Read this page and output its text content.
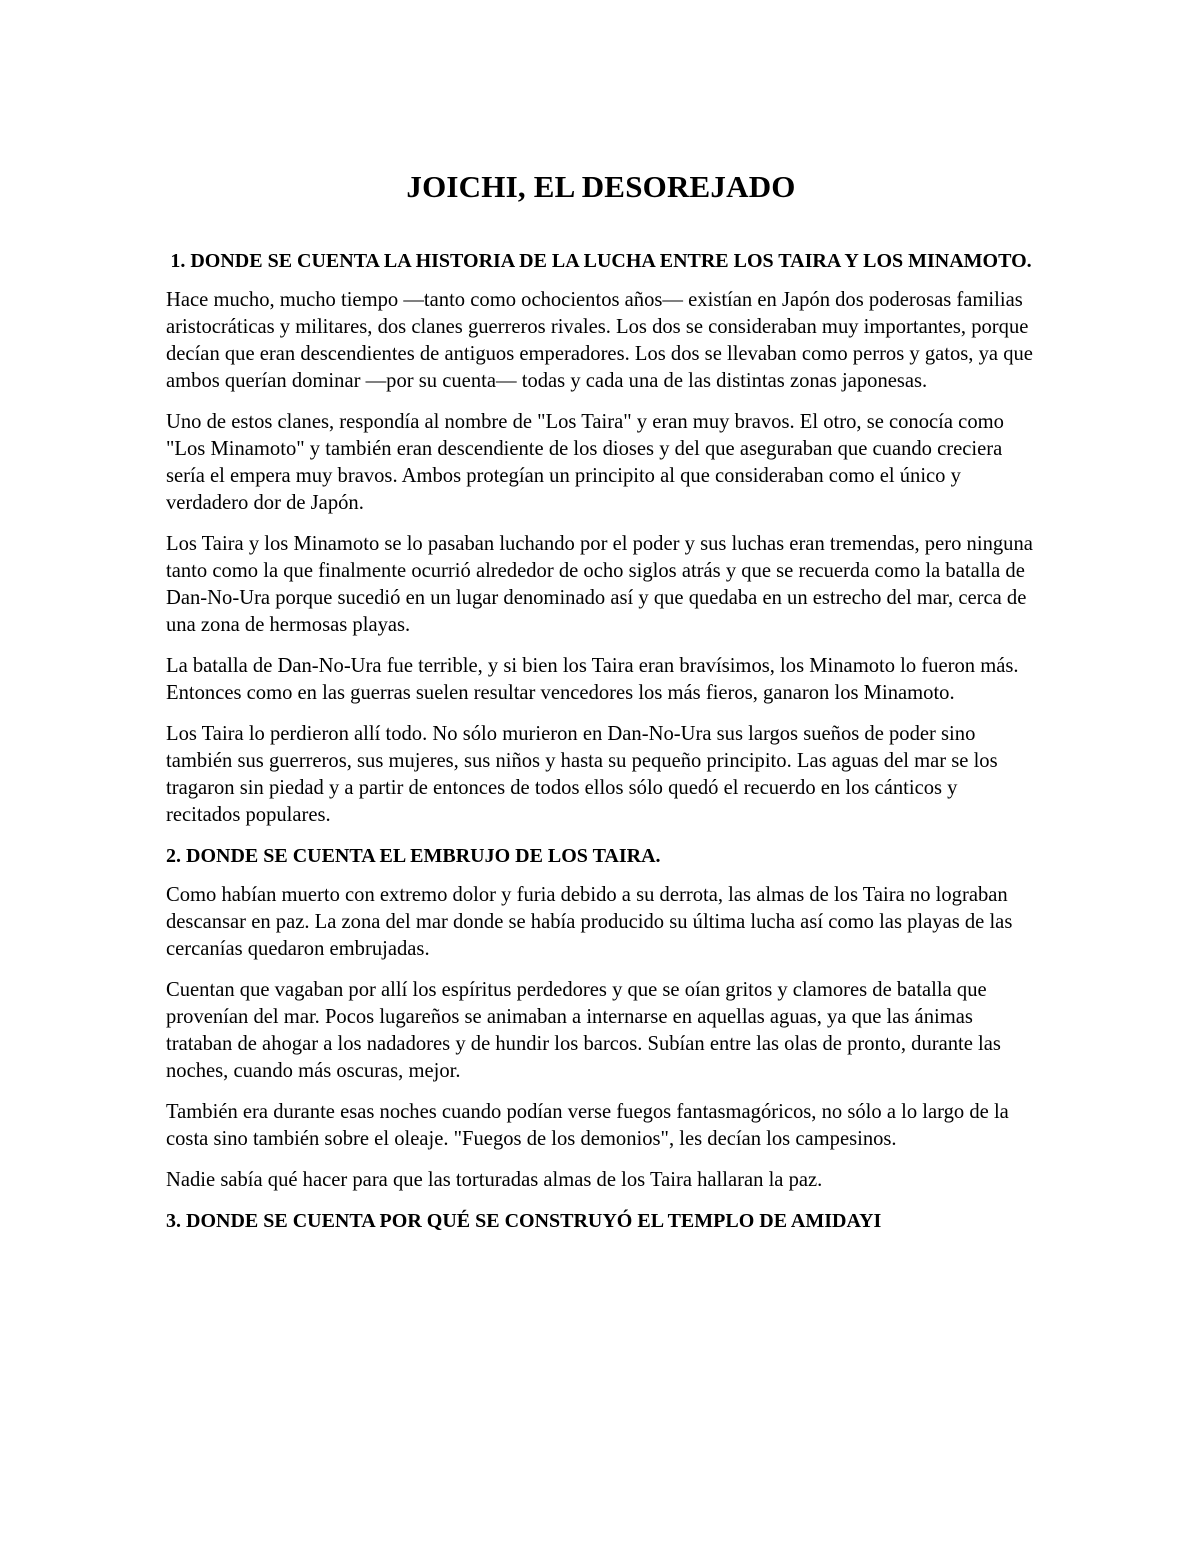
JOICHI, EL DESOREJADO
1. DONDE SE CUENTA LA HISTORIA DE LA LUCHA ENTRE LOS TAIRA Y LOS MINAMOTO.

Hace mucho, mucho tiempo —tanto como ochocientos años— existían en Japón dos poderosas familias aristocráticas y militares, dos clanes guerreros rivales. Los dos se consideraban muy importantes, porque decían que eran descendientes de antiguos emperadores. Los dos se llevaban como perros y gatos, ya que ambos querían dominar —por su cuenta— todas y cada una de las distintas zonas japonesas.

Uno de estos clanes, respondía al nombre de "Los Taira" y eran muy bravos. El otro, se conocía como "Los Minamoto" y también eran descendiente de los dioses y del que aseguraban que cuando creciera sería el empera muy bravos. Ambos protegían un principito al que consideraban como el único y verdadero dor de Japón.

Los Taira y los Minamoto se lo pasaban luchando por el poder y sus luchas eran tremendas, pero ninguna tanto como la que finalmente ocurrió alrededor de ocho siglos atrás y que se recuerda como la batalla de Dan-No-Ura porque sucedió en un lugar denominado así y que quedaba en un estrecho del mar, cerca de una zona de hermosas playas.

La batalla de Dan-No-Ura fue terrible, y si bien los Taira eran bravísimos, los Minamoto lo fueron más. Entonces como en las guerras suelen resultar vencedores los más fieros, ganaron los Minamoto.

Los Taira lo perdieron allí todo. No sólo murieron en Dan-No-Ura sus largos sueños de poder sino también sus guerreros, sus mujeres, sus niños y hasta su pequeño principito. Las aguas del mar se los tragaron sin piedad y a partir de entonces de todos ellos sólo quedó el recuerdo en los cánticos y recitados populares.

2. DONDE SE CUENTA EL EMBRUJO DE LOS TAIRA.

Como habían muerto con extremo dolor y furia debido a su derrota, las almas de los Taira no lograban descansar en paz. La zona del mar donde se había producido su última lucha así como las playas de las cercanías quedaron embrujadas.

Cuentan que vagaban por allí los espíritus perdedores y que se oían gritos y clamores de batalla que provenían del mar. Pocos lugareños se animaban a internarse en aquellas aguas, ya que las ánimas trataban de ahogar a los nadadores y de hundir los barcos. Subían entre las olas de pronto, durante las noches, cuando más oscuras, mejor.

También era durante esas noches cuando podían verse fuegos fantasmagóricos, no sólo a lo largo de la costa sino también sobre el oleaje. "Fuegos de los demonios", les decían los campesinos.

Nadie sabía qué hacer para que las torturadas almas de los Taira hallaran la paz.

3. DONDE SE CUENTA POR QUÉ SE CONSTRUYÓ EL TEMPLO DE AMIDAYI
